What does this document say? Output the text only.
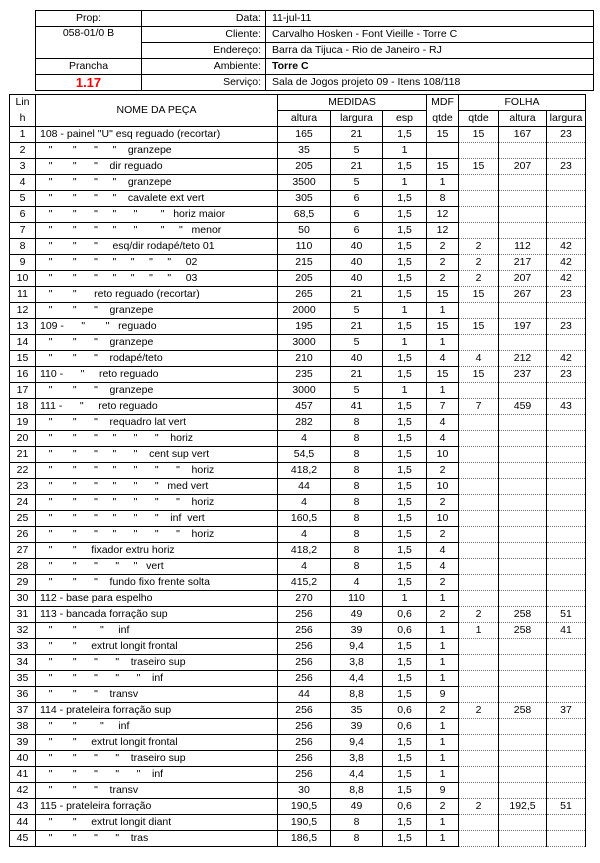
Prop:	Data:	11-jul-11
058-01/0 B	Cliente:	Carvalho Hosken - Font Vieille - Torre C
	Endereço:	Barra da Tijuca - Rio de Janeiro - RJ
Prancha	Ambiente:	Torre C
1.17	Serviço:	Sala de Jogos projeto 09 - Itens 108/118
Lin	NOME DA PEÇA	MEDIDAS			MDF	FOLHA		
h		altura	largura	esp	qtde	qtde	altura	largura
1	108 - painel "U" esq reguado (recortar)	165	21	1,5	15	15	167	23
2	"       "      "     "    granzepe	35	5	1				
3	"       "      "    dir reguado	205	21	1,5	15	15	207	23
4	"       "      "     "    granzepe	3500	5	1	1			
5	"       "      "     "    cavalete ext vert	305	6	1,5	8			
6	"       "      "     "      "        "   horiz maior	68,5	6	1,5	12			
7	"       "      "     "      "        "     "   menor	50	6	1,5	12			
8	"       "      "     esq/dir rodapé/teto 01	110	40	1,5	2	2	112	42
9	"       "      "     "     "     "     "     02	215	40	1,5	2	2	217	42
10	"       "      "     "     "     "     "     03	205	40	1,5	2	2	207	42
11	"       "      reto reguado (recortar)	265	21	1,5	15	15	267	23
12	"       "      "    granzepe	2000	5	1	1			
13	109 -      "       "   reguado	195	21	1,5	15	15	197	23
14	"       "      "    granzepe	3000	5	1	1			
15	"       "      "    rodapé/teto	210	40	1,5	4	4	212	42
16	110 -      "     reto reguado	235	21	1,5	15	15	237	23
17	"       "      "    granzepe	3000	5	1	1			
18	111 -      "     reto reguado	457	41	1,5	7	7	459	43
19	"       "      "    requadro lat vert	282	8	1,5	4			
20	"       "      "     "      "      "    horiz	4	8	1,5	4			
21	"       "      "     "      "    cent sup vert	54,5	8	1,5	10			
22	"       "      "     "      "      "      "    horiz	418,2	8	1,5	2			
23	"       "      "     "      "      "   med vert	44	8	1,5	10			
24	"       "      "     "      "      "      "    horiz	4	8	1,5	2			
25	"       "      "     "      "      "    inf  vert	160,5	8	1,5	10			
26	"       "      "     "      "      "      "    horiz	4	8	1,5	2			
27	"       "     fixador extru horiz	418,2	8	1,5	4			
28	"       "      "      "     "   vert	4	8	1,5	4			
29	"       "      "    fundo fixo frente solta	415,2	4	1,5	2			
30	112 - base para espelho	270	110	1	1			
31	113 - bancada forração sup	256	49	0,6	2	2	258	51
32	"       "        "     inf	256	39	0,6	1	1	258	41
33	"       "     extrut longit frontal	256	9,4	1,5	1			
34	"       "      "      "    traseiro sup	256	3,8	1,5	1			
35	"       "      "      "      "    inf	256	4,4	1,5	1			
36	"       "      "    transv	44	8,8	1,5	9			
37	114 - prateleira forração sup	256	35	0,6	2	2	258	37
38	"       "        "     inf	256	39	0,6	1			
39	"       "     extrut longit frontal	256	9,4	1,5	1			
40	"       "      "      "    traseiro sup	256	3,8	1,5	1			
41	"       "      "      "      "    inf	256	4,4	1,5	1			
42	"       "      "    transv	30	8,8	1,5	9			
43	115 - prateleira forração	190,5	49	0,6	2	2	192,5	51
44	"       "     extrut longit diant	190,5	8	1,5	1			
45	"       "      "      "    tras	186,5	8	1,5	1			
